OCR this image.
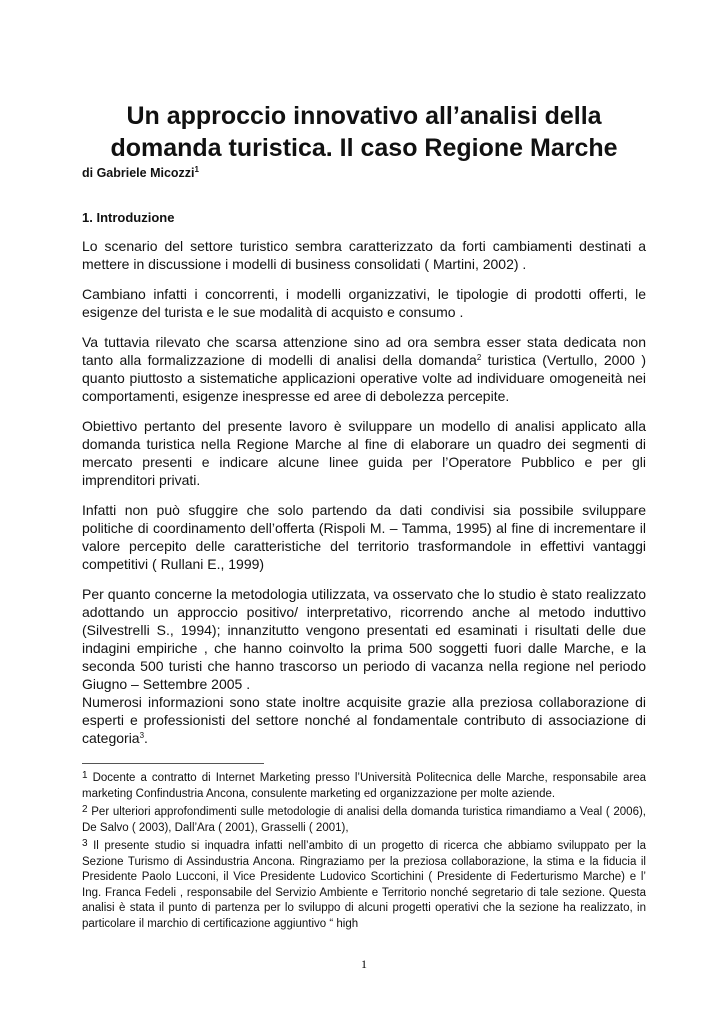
Un approccio innovativo all’analisi della domanda turistica. Il caso Regione Marche
di Gabriele Micozzi$^1$
1. Introduzione

Lo scenario del settore turistico sembra caratterizzato da forti cambiamenti destinati a mettere in discussione i modelli di business consolidati ( Martini, 2002) .

Cambiano infatti i concorrenti, i modelli organizzativi, le tipologie di prodotti offerti, le esigenze del turista e le sue modalità di acquisto e consumo .

Va tuttavia rilevato che scarsa attenzione sino ad ora sembra esser stata dedicata non tanto alla formalizzazione di modelli di analisi della domanda$^2$ turistica (Vertullo, 2000 ) quanto piuttosto a sistematiche applicazioni operative volte ad individuare omogeneità nei comportamenti, esigenze inespresse ed aree di debolezza percepite.

Obiettivo pertanto del presente lavoro è sviluppare un modello di analisi applicato alla domanda turistica nella Regione Marche al fine di elaborare un quadro dei segmenti di mercato presenti e indicare alcune linee guida per l’Operatore Pubblico e per gli imprenditori privati.

Infatti non può sfuggire che solo partendo da dati condivisi sia possibile sviluppare politiche di coordinamento dell’offerta (Rispoli M. – Tamma, 1995) al fine di incrementare il valore percepito delle caratteristiche del territorio trasformandole in effettivi vantaggi competitivi ( Rullani E., 1999)

Per quanto concerne la metodologia utilizzata, va osservato che lo studio è stato realizzato adottando un approccio positivo/ interpretativo, ricorrendo anche al metodo induttivo (Silvestrelli S., 1994); innanzitutto vengono presentati ed esaminati i risultati delle due indagini empiriche , che hanno coinvolto la prima 500 soggetti fuori dalle Marche, e la seconda 500 turisti che hanno trascorso un periodo di vacanza nella regione nel periodo Giugno – Settembre 2005 .

Numerosi informazioni sono state inoltre acquisite grazie alla preziosa collaborazione di esperti e professionisti del settore nonché al fondamentale contributo di associazione di categoria$^3$.

1 Docente a contratto di Internet Marketing presso l’Università Politecnica delle Marche, responsabile area marketing Confindustria Ancona, consulente marketing ed organizzazione per molte aziende.
2 Per ulteriori approfondimenti sulle metodologie di analisi della domanda turistica rimandiamo a Veal ( 2006), De Salvo ( 2003), Dall’Ara ( 2001), Grasselli ( 2001),
3 Il presente studio si inquadra infatti nell’ambito di un progetto di ricerca che abbiamo sviluppato per la Sezione Turismo di Assindustria Ancona. Ringraziamo per la preziosa collaborazione, la stima e la fiducia il Presidente Paolo Lucconi, il Vice Presidente Ludovico Scortichini ( Presidente di Federturismo Marche) e l’ Ing. Franca Fedeli , responsabile del Servizio Ambiente e Territorio nonché segretario di tale sezione. Questa analisi è stata il punto di partenza per lo sviluppo di alcuni progetti operativi che la sezione ha realizzato, in particolare il marchio di certificazione aggiuntivo “ high
1
